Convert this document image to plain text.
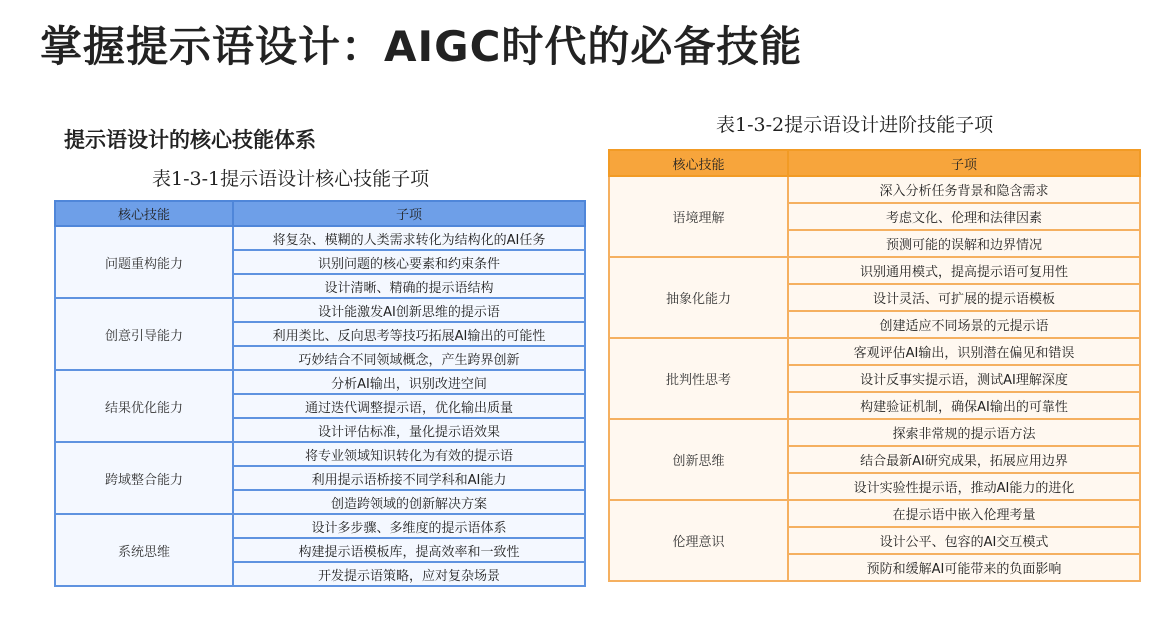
掌握提示语设计：AIGC时代的必备技能
提示语设计的核心技能体系
表1-3-1提示语设计核心技能子项
核心技能	子项
问题重构能力	将复杂、模糊的人类需求转化为结构化的AI任务
	识别问题的核心要素和约束条件
	设计清晰、精确的提示语结构
创意引导能力	设计能激发AI创新思维的提示语
	利用类比、反向思考等技巧拓展AI输出的可能性
	巧妙结合不同领域概念，产生跨界创新
结果优化能力	分析AI输出，识别改进空间
	通过迭代调整提示语，优化输出质量
	设计评估标准，量化提示语效果
跨域整合能力	将专业领域知识转化为有效的提示语
	利用提示语桥接不同学科和AI能力
	创造跨领域的创新解决方案
系统思维	设计多步骤、多维度的提示语体系
	构建提示语模板库，提高效率和一致性
	开发提示语策略，应对复杂场景
表1-3-2提示语设计进阶技能子项
核心技能	子项
语境理解	深入分析任务背景和隐含需求
	考虑文化、伦理和法律因素
	预测可能的误解和边界情况
抽象化能力	识别通用模式，提高提示语可复用性
	设计灵活、可扩展的提示语模板
	创建适应不同场景的元提示语
批判性思考	客观评估AI输出，识别潜在偏见和错误
	设计反事实提示语，测试AI理解深度
	构建验证机制，确保AI输出的可靠性
创新思维	探索非常规的提示语方法
	结合最新AI研究成果，拓展应用边界
	设计实验性提示语，推动AI能力的进化
伦理意识	在提示语中嵌入伦理考量
	设计公平、包容的AI交互模式
	预防和缓解AI可能带来的负面影响
